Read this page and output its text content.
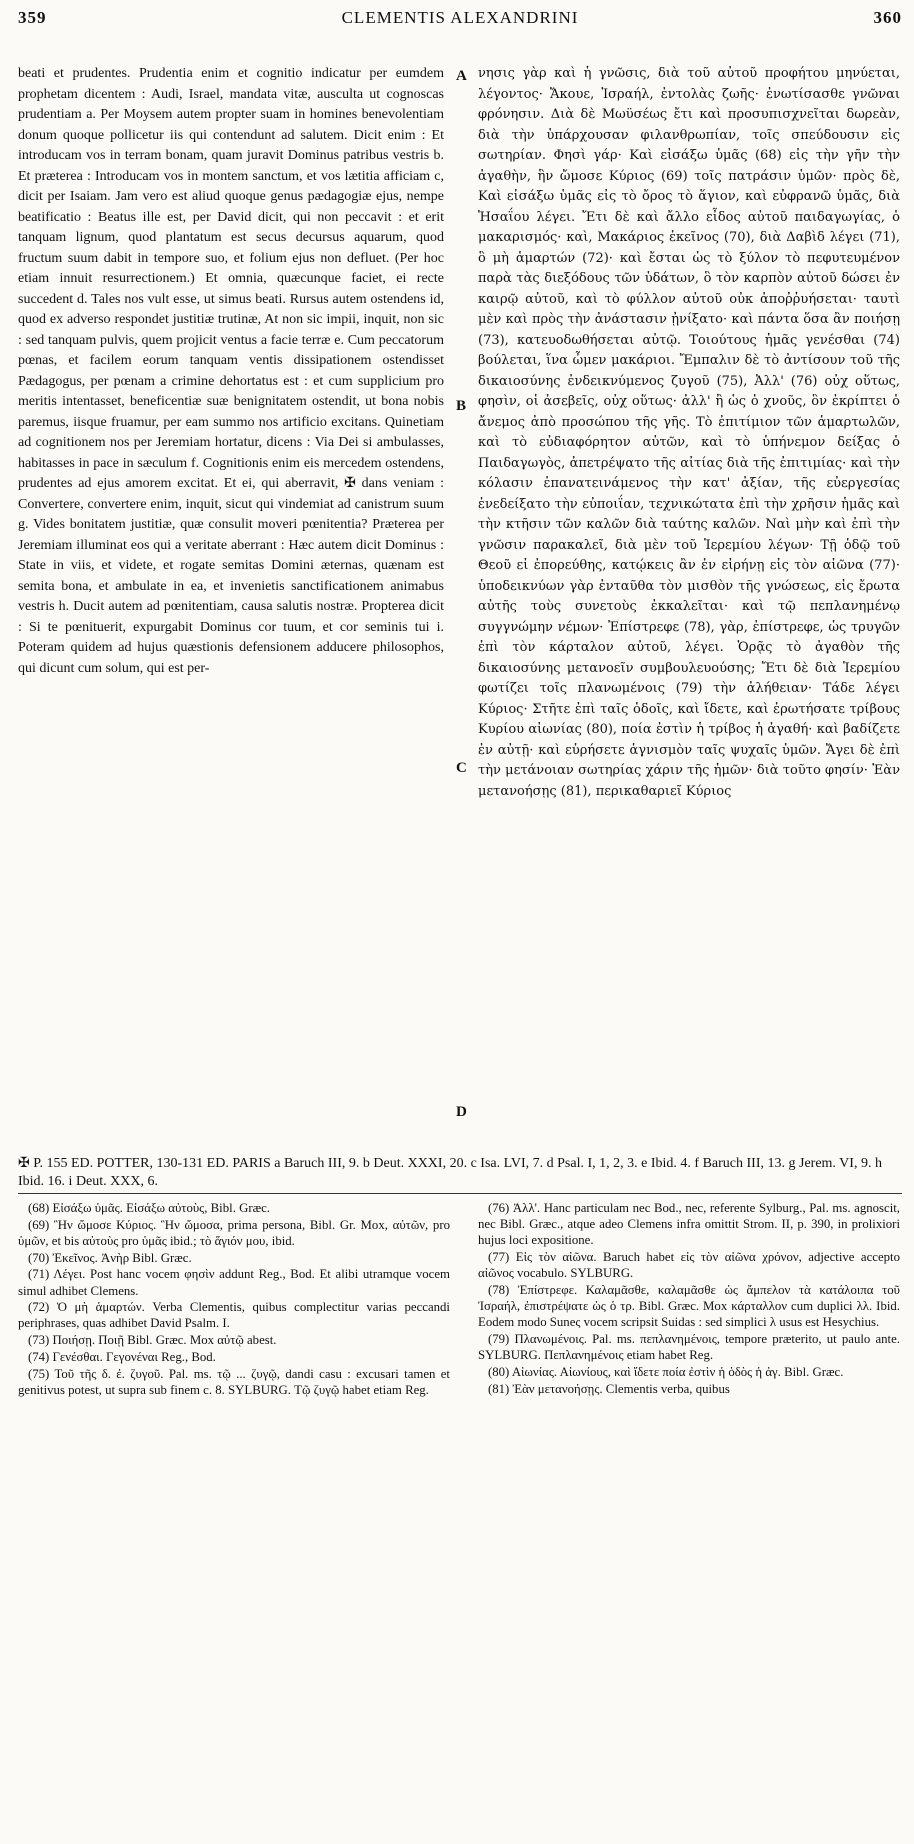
359	CLEMENTIS ALEXANDRINI	360

beati et prudentes. Prudentia enim et cognitio indicatur per eumdem prophetam dicentem : Audi, Israel, mandata vitæ, ausculta ut cognoscas prudentiam a. Per Moysem autem propter suam in homines benevolentiam donum quoque pollicetur iis qui contendunt ad salutem. Dicit enim : Et introducam vos in terram bonam, quam juravit Dominus patribus vestris b. Et præterea : Introducam vos in montem sanctum, et vos lætitia afficiam c, dicit per Isaiam. Jam vero est aliud quoque genus pædagogiæ ejus, nempe beatificatio : Beatus ille est, per David dicit, qui non peccavit : et erit tanquam lignum, quod plantatum est secus decursus aquarum, quod fructum suum dabit in tempore suo, et folium ejus non defluet. (Per hoc etiam innuit resurrectionem.) Et omnia, quæcunque faciet, ei recte succedent d. Tales nos vult esse, ut simus beati. Rursus autem ostendens id, quod ex adverso respondet justitiæ trutinæ, At non sic impii, inquit, non sic : sed tanquam pulvis, quem projicit ventus a facie terræ e. Cum peccatorum pœnas, et facilem eorum tanquam ventis dissipationem ostendisset Pædagogus, per pœnam a crimine dehortatus est : et cum supplicium pro meritis intentasset, beneficentiæ suæ benignitatem ostendit, ut bona nobis paremus, iisque fruamur, per eam summo nos artificio excitans. Quinetiam ad cognitionem nos per Jeremiam hortatur, dicens : Via Dei si ambulasses, habitasses in pace in sæculum f. Cognitionis enim eis mercedem ostendens, prudentes ad ejus amorem excitat. Et ei, qui aberravit, ✠ dans veniam : Convertere, convertere enim, inquit, sicut qui vindemiat ad canistrum suum g. Vides bonitatem justitiæ, quæ consulit moveri pœnitentia? Præterea per Jeremiam illuminat eos qui a veritate aberrant : Hæc autem dicit Dominus : State in viis, et videte, et rogate semitas Domini æternas, quænam est semita bona, et ambulate in ea, et invenietis sanctificationem animabus vestris h. Ducit autem ad pœnitentiam, causa salutis nostræ. Propterea dicit : Si te pœnituerit, expurgabit Dominus cor tuum, et cor seminis tui i. Poteram quidem ad hujus quæstionis defensionem adducere philosophos, qui dicunt cum solum, qui est per-

A
B
C
D

νησις γὰρ καὶ ἡ γνῶσις, διὰ τοῦ αὐτοῦ προφήτου μηνύεται, λέγοντος· Ἄκουε, Ἰσραήλ, ἐντολὰς ζωῆς· ἐνωτίσασθε γνῶναι φρόνησιν. Διὰ δὲ Μωϋσέως ἔτι καὶ προσυπισχνεῖται δωρεὰν, διὰ τὴν ὑπάρχουσαν φιλανθρωπίαν, τοῖς σπεύδουσιν εἰς σωτηρίαν. Φησὶ γάρ· Καὶ εἰσάξω ὑμᾶς (68) εἰς τὴν γῆν τὴν ἀγαθὴν, ἣν ὤμοσε Κύριος (69) τοῖς πατράσιν ὑμῶν· πρὸς δὲ, Καὶ εἰσάξω ὑμᾶς εἰς τὸ ὄρος τὸ ἅγιον, καὶ εὐφρανῶ ὑμᾶς, διὰ Ἡσαΐου λέγει. Ἔτι δὲ καὶ ἄλλο εἶδος αὐτοῦ παιδαγωγίας, ὁ μακαρισμός· καὶ, Μακάριος ἐκεῖνος (70), διὰ Δαβὶδ λέγει (71), ὃ μὴ ἁμαρτών (72)· καὶ ἔσται ὡς τὸ ξύλον τὸ πεφυτευμένον παρὰ τὰς διεξόδους τῶν ὑδάτων, ὃ τὸν καρπὸν αὐτοῦ δώσει ἐν καιρῷ αὐτοῦ, καὶ τὸ φύλλον αὐτοῦ οὐκ ἀποῤῥυήσεται· ταυτὶ μὲν καὶ πρὸς τὴν ἀνάστασιν ᾐνίξατο· καὶ πάντα ὅσα ἂν ποιήσῃ (73), κατευοδωθήσεται αὐτῷ. Τοιούτους ἡμᾶς γενέσθαι (74) βούλεται, ἵνα ὦμεν μακάριοι. Ἔμπαλιν δὲ τὸ ἀντίσουν τοῦ τῆς δικαιοσύνης ἐνδεικνύμενος ζυγοῦ (75), Ἀλλ' (76) οὐχ οὕτως, φησὶν, οἱ ἀσεβεῖς, οὐχ οὕτως· ἀλλ' ἢ ὡς ὁ χνοῦς, ὃν ἐκρίπτει ὁ ἄνεμος ἀπὸ προσώπου τῆς γῆς. Τὸ ἐπιτίμιον τῶν ἁμαρτωλῶν, καὶ τὸ εὐδιαφόρητον αὐτῶν, καὶ τὸ ὑπήνεμον δείξας ὁ Παιδαγωγὸς, ἀπετρέψατο τῆς αἰτίας διὰ τῆς ἐπιτιμίας· καὶ τὴν κόλασιν ἐπανατεινάμενος τὴν κατ' ἀξίαν, τῆς εὐεργεσίας ἐνεδείξατο τὴν εὐποιΐαν, τεχνικώτατα ἐπὶ τὴν χρῆσιν ἡμᾶς καὶ τὴν κτῆσιν τῶν καλῶν διὰ ταύτης καλῶν. Ναὶ μὴν καὶ ἐπὶ τὴν γνῶσιν παρακαλεῖ, διὰ μὲν τοῦ Ἱερεμίου λέγων· Τῇ ὁδῷ τοῦ Θεοῦ εἰ ἐπορεύθης, κατῴκεις ἂν ἐν εἰρήνῃ εἰς τὸν αἰῶνα (77)· ὑποδεικνύων γὰρ ἐνταῦθα τὸν μισθὸν τῆς γνώσεως, εἰς ἔρωτα αὐτῆς τοὺς συνετοὺς ἐκκαλεῖται· καὶ τῷ πεπλανημένῳ συγγνώμην νέμων· Ἐπίστρεφε (78), γὰρ, ἐπίστρεφε, ὡς τρυγῶν ἐπὶ τὸν κάρταλον αὐτοῦ, λέγει. Ὁρᾷς τὸ ἀγαθὸν τῆς δικαιοσύνης μετανοεῖν συμβουλευούσης; Ἔτι δὲ διὰ Ἱερεμίου φωτίζει τοῖς πλανωμένοις (79) τὴν ἀλήθειαν· Τάδε λέγει Κύριος· Στῆτε ἐπὶ ταῖς ὁδοῖς, καὶ ἴδετε, καὶ ἐρωτήσατε τρίβους Κυρίου αἰωνίας (80), ποία ἐστὶν ἡ τρίβος ἡ ἀγαθή· καὶ βαδίζετε ἐν αὐτῇ· καὶ εὑρήσετε ἁγνισμὸν ταῖς ψυχαῖς ὑμῶν. Ἄγει δὲ ἐπὶ τὴν μετάνοιαν σωτηρίας χάριν τῆς ἡμῶν· διὰ τοῦτο φησίν· Ἐὰν μετανοήσῃς (81), περικαθαριεῖ Κύριος

✠ P. 155 ED. POTTER, 130-131 ED. PARIS a Baruch III, 9. b Deut. XXXI, 20. c Isa. LVI, 7. d Psal. I, 1, 2, 3. e Ibid. 4. f Baruch III, 13. g Jerem. VI, 9. h Ibid. 16. i Deut. XXX, 6.
(68) Εἰσάξω ὑμᾶς. Εἰσάξω αὐτοὺς, Bibl. Græc.
(69) Ἣν ὤμοσε Κύριος. Ἣν ὤμοσα, prima persona, Bibl. Gr. Mox, αὐτῶν, pro ὑμῶν, et bis αὐτοὺς pro ὑμᾶς ibid.; τὸ ἅγιόν μου, ibid.
(70) Ἐκεῖνος. Ἀνὴρ Bibl. Græc.
(71) Λέγει. Post hanc vocem φησὶν addunt Reg., Bod. Et alibi utramque vocem simul adhibet Clemens.
(72) Ὁ μὴ ἁμαρτών. Verba Clementis, quibus complectitur varias peccandi periphrases, quas adhibet David Psalm. I.
(73) Ποιήσῃ. Ποιῇ Bibl. Græc. Mox αὐτῷ abest.
(74) Γενέσθαι. Γεγονέναι Reg., Bod.
(75) Τοῦ τῆς δ. ἐ. ζυγοῦ. Pal. ms. τῷ ... ζυγῷ, dandi casu : excusari tamen et genitivus potest, ut supra sub finem c. 8. SYLBURG. Τῷ ζυγῷ habet etiam Reg.
(76) Ἀλλ'. Hanc particulam nec Bod., nec, referente Sylburg., Pal. ms. agnoscit, nec Bibl. Græc., atque adeo Clemens infra omittit Strom. II, p. 390, in prolixiori hujus loci expositione.
(77) Εἰς τὸν αἰῶνα. Baruch habet εἰς τὸν αἰῶνα χρόνον, adjective accepto αἰῶνος vocabulo. SYLBURG.
(78) Ἐπίστρεφε. Καλαμᾶσθε, καλαμᾶσθε ὡς ἄμπελον τὰ κατάλοιπα τοῦ Ἰσραήλ, ἐπιστρέψατε ὡς ὁ τρ. Bibl. Græc. Mox κάρταλλον cum duplici λλ. Ibid. Eodem modo Suneς vocem scripsit Suidas : sed simplici λ usus est Hesychius.
(79) Πλανωμένοις. Pal. ms. πεπλανημένοις, tempore præterito, ut paulo ante. SYLBURG. Πεπλανημένοις etiam habet Reg.
(80) Αἰωνίας. Αἰωνίους, καὶ ἴδετε ποία ἐστὶν ἡ ὁδὸς ἡ ἀγ. Bibl. Græc.
(81) Ἐὰν μετανοήσῃς. Clementis verba, quibus
